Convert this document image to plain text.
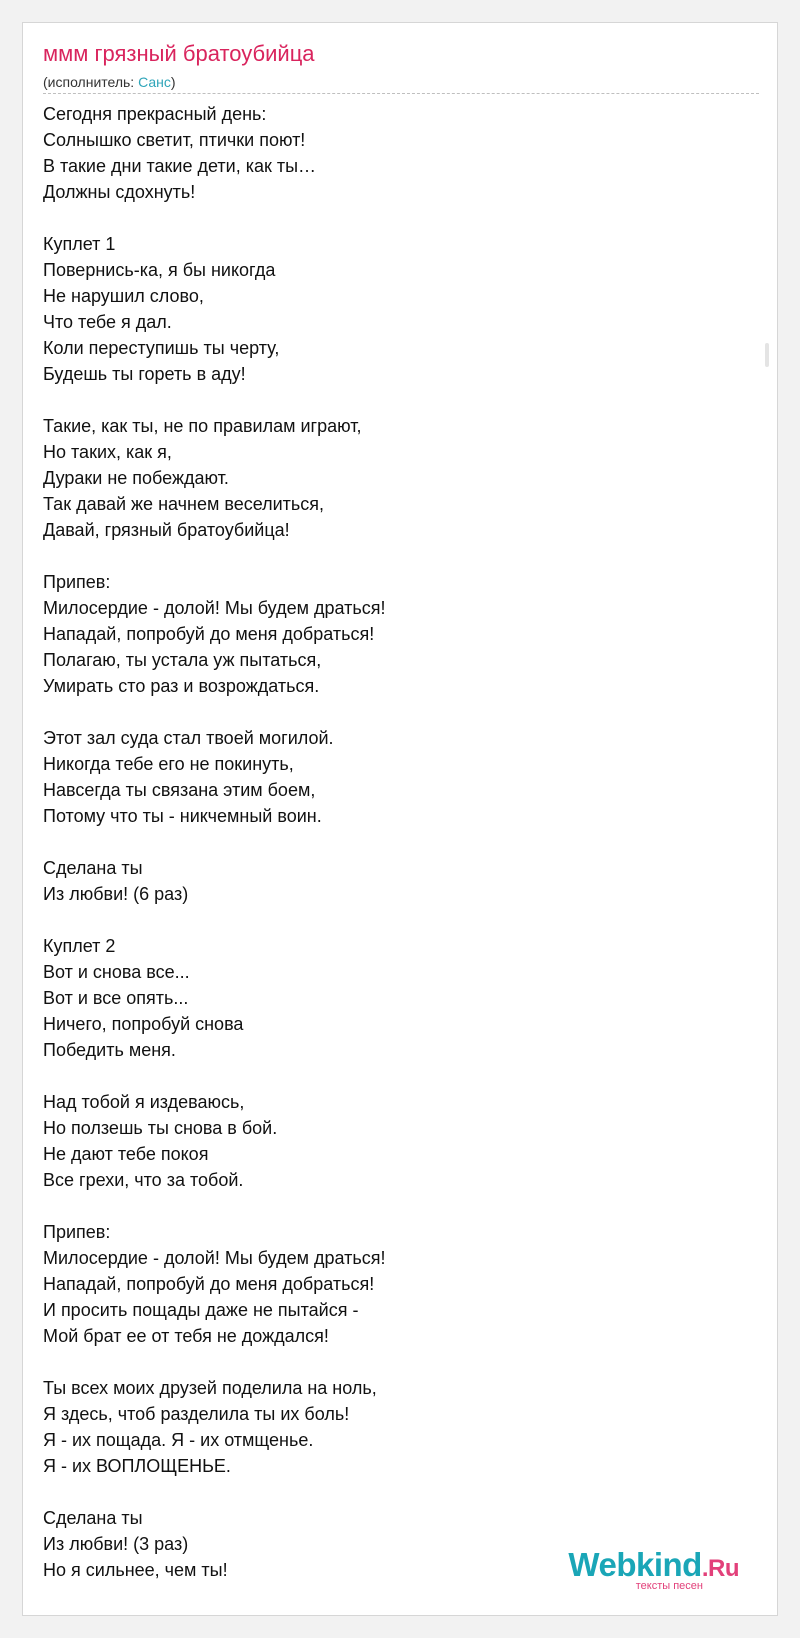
ммм грязный братоубийца
(исполнитель: Санс)
Сегодня прекрасный день:
Солнышко светит, птички поют!
В такие дни такие дети, как ты…
Должны сдохнуть!
Куплет 1
Повернись-ка, я бы никогда
Не нарушил слово,
Что тебе я дал.
Коли переступишь ты черту,
Будешь ты гореть в аду!
Такие, как ты, не по правилам играют,
Но таких, как я,
Дураки не побеждают.
Так давай же начнем веселиться,
Давай, грязный братоубийца!
Припев:
Милосердие - долой! Мы будем драться!
Нападай, попробуй до меня добраться!
Полагаю, ты устала уж пытаться,
Умирать сто раз и возрождаться.
Этот зал суда стал твоей могилой.
Никогда тебе его не покинуть,
Навсегда ты связана этим боем,
Потому что ты - никчемный воин.
Сделана ты
Из любви! (6 раз)
Куплет 2
Вот и снова все...
Вот и все опять...
Ничего, попробуй снова
Победить меня.
Над тобой я издеваюсь,
Но ползешь ты снова в бой.
Не дают тебе покоя
Все грехи, что за тобой.
Припев:
Милосердие - долой! Мы будем драться!
Нападай, попробуй до меня добраться!
И просить пощады даже не пытайся -
Мой брат ее от тебя не дождался!
Ты всех моих друзей поделила на ноль,
Я здесь, чтоб разделила ты их боль!
Я - их пощада. Я - их отмщенье.
Я - их ВОПЛОЩЕНЬЕ.
Сделана ты
Из любви! (3 раз)
Но я сильнее, чем ты!	Webkind.Ru
тексты песен
